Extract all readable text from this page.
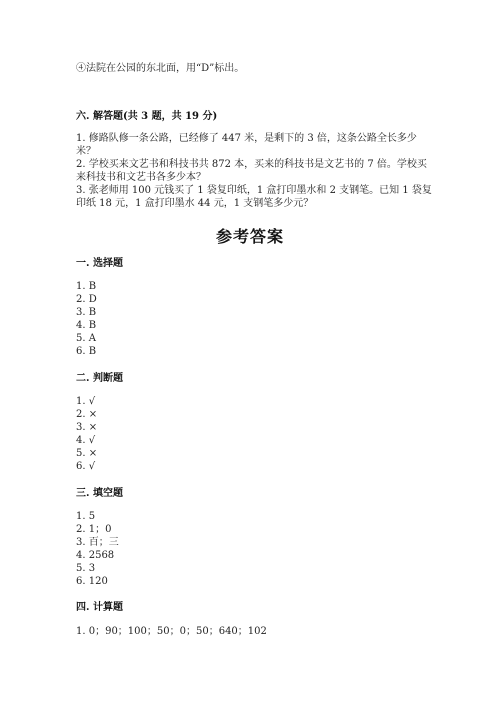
④法院在公园的东北面，用“D”标出。
六. 解答题(共 3 题，共 19 分)
1. 修路队修一条公路，已经修了 447 米，是剩下的 3 倍，这条公路全长多少
米？
2. 学校买来文艺书和科技书共 872 本，买来的科技书是文艺书的 7 倍。学校买
来科技书和文艺书各多少本？
3. 张老师用 100 元钱买了 1 袋复印纸，1 盒打印墨水和 2 支钢笔。已知 1 袋复
印纸 18 元，1 盒打印墨水 44 元，1 支钢笔多少元？
参考答案
一. 选择题
1. B
2. D
3. B
4. B
5. A
6. B
二. 判断题
1. √
2. ×
3. ×
4. √
5. ×
6. √
三. 填空题
1. 5
2. 1；0
3. 百；三
4. 2568
5. 3
6. 120
四. 计算题
1. 0；90；100；50；0；50；640；102
